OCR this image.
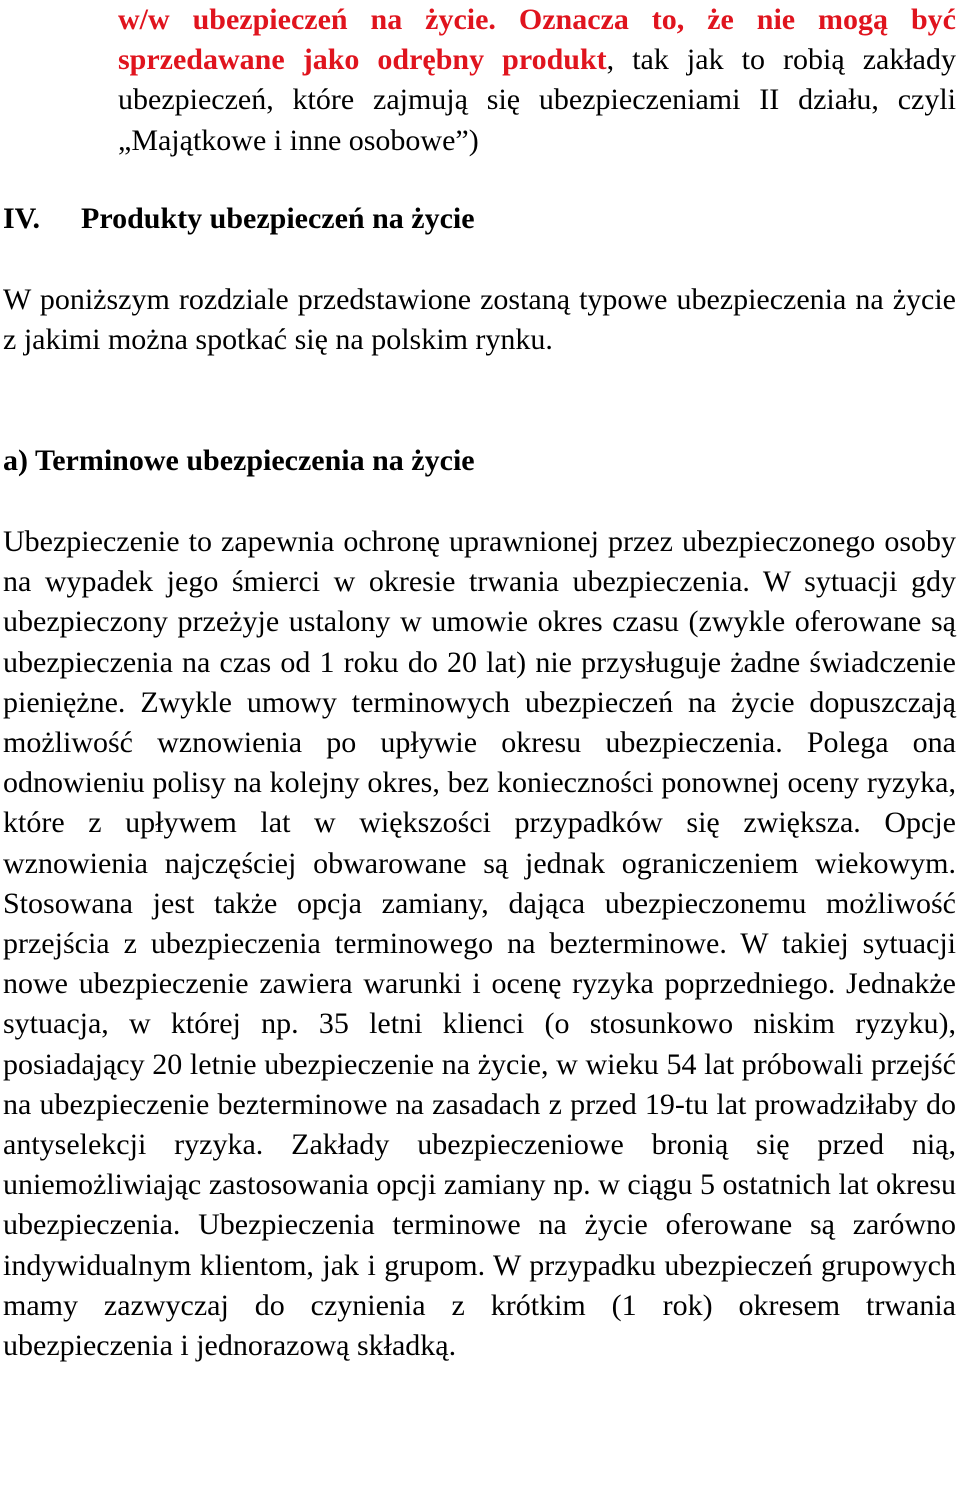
w/w ubezpieczeń na życie. Oznacza to, że nie mogą być sprzedawane jako odrębny produkt, tak jak to robią zakłady ubezpieczeń, które zajmują się ubezpieczeniami II działu, czyli „Majątkowe i inne osobowe”)

IV. Produkty ubezpieczeń na życie

W poniższym rozdziale przedstawione zostaną typowe ubezpieczenia na życie z jakimi można spotkać się na polskim rynku.

a) Terminowe ubezpieczenia na życie

Ubezpieczenie to zapewnia ochronę uprawnionej przez ubezpieczonego osoby na wypadek jego śmierci w okresie trwania ubezpieczenia. W sytuacji gdy ubezpieczony przeżyje ustalony w umowie okres czasu (zwykle oferowane są ubezpieczenia na czas od 1 roku do 20 lat) nie przysługuje żadne świadczenie pieniężne. Zwykle umowy terminowych ubezpieczeń na życie dopuszczają możliwość wznowienia po upływie okresu ubezpieczenia. Polega ona odnowieniu polisy na kolejny okres, bez konieczności ponownej oceny ryzyka, które z upływem lat w większości przypadków się zwiększa. Opcje wznowienia najczęściej obwarowane są jednak ograniczeniem wiekowym. Stosowana jest także opcja zamiany, dająca ubezpieczonemu możliwość przejścia z ubezpieczenia terminowego na bezterminowe. W takiej sytuacji nowe ubezpieczenie zawiera warunki i ocenę ryzyka poprzedniego. Jednakże sytuacja, w której np. 35 letni klienci (o stosunkowo niskim ryzyku), posiadający 20 letnie ubezpieczenie na życie, w wieku 54 lat próbowali przejść na ubezpieczenie bezterminowe na zasadach z przed 19-tu lat prowadziłaby do antyselekcji ryzyka. Zakłady ubezpieczeniowe bronią się przed nią, uniemożliwiając zastosowania opcji zamiany np. w ciągu 5 ostatnich lat okresu ubezpieczenia. Ubezpieczenia terminowe na życie oferowane są zarówno indywidualnym klientom, jak i grupom. W przypadku ubezpieczeń grupowych mamy zazwyczaj do czynienia z krótkim (1 rok) okresem trwania ubezpieczenia i jednorazową składką.
